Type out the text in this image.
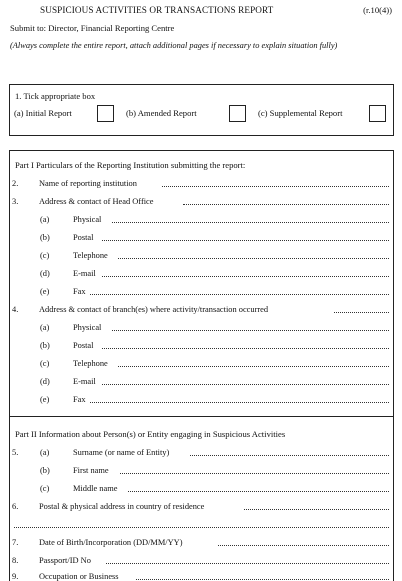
SUSPICIOUS ACTIVITIES OR TRANSACTIONS REPORT	(r.10(4))
Submit to: Director, Financial Reporting Centre
(Always complete the entire report, attach additional pages if necessary to explain situation fully)
1. Tick appropriate box
(a) Initial Report	(b) Amended Report	(c) Supplemental Report
Part I Particulars of the Reporting Institution submitting the report:
2. Name of reporting institution
3. Address & contact of Head Office
(a)	Physical
(b)	Postal
(c)	Telephone
(d)	E-mail
(e)	Fax
4. Address & contact of branch(es) where activity/transaction occurred
(a)	Physical
(b)	Postal
(c)	Telephone
(d)	E-mail
(e)	Fax
Part II Information about Person(s) or Entity engaging in Suspicious Activities
5.	(a)	Surname (or name of Entity)
(b)	First name
(c)	Middle name
6. Postal & physical address in country of residence
7. Date of Birth/Incorporation (DD/MM/YY)
8. Passport/ID No
9. Occupation or Business
